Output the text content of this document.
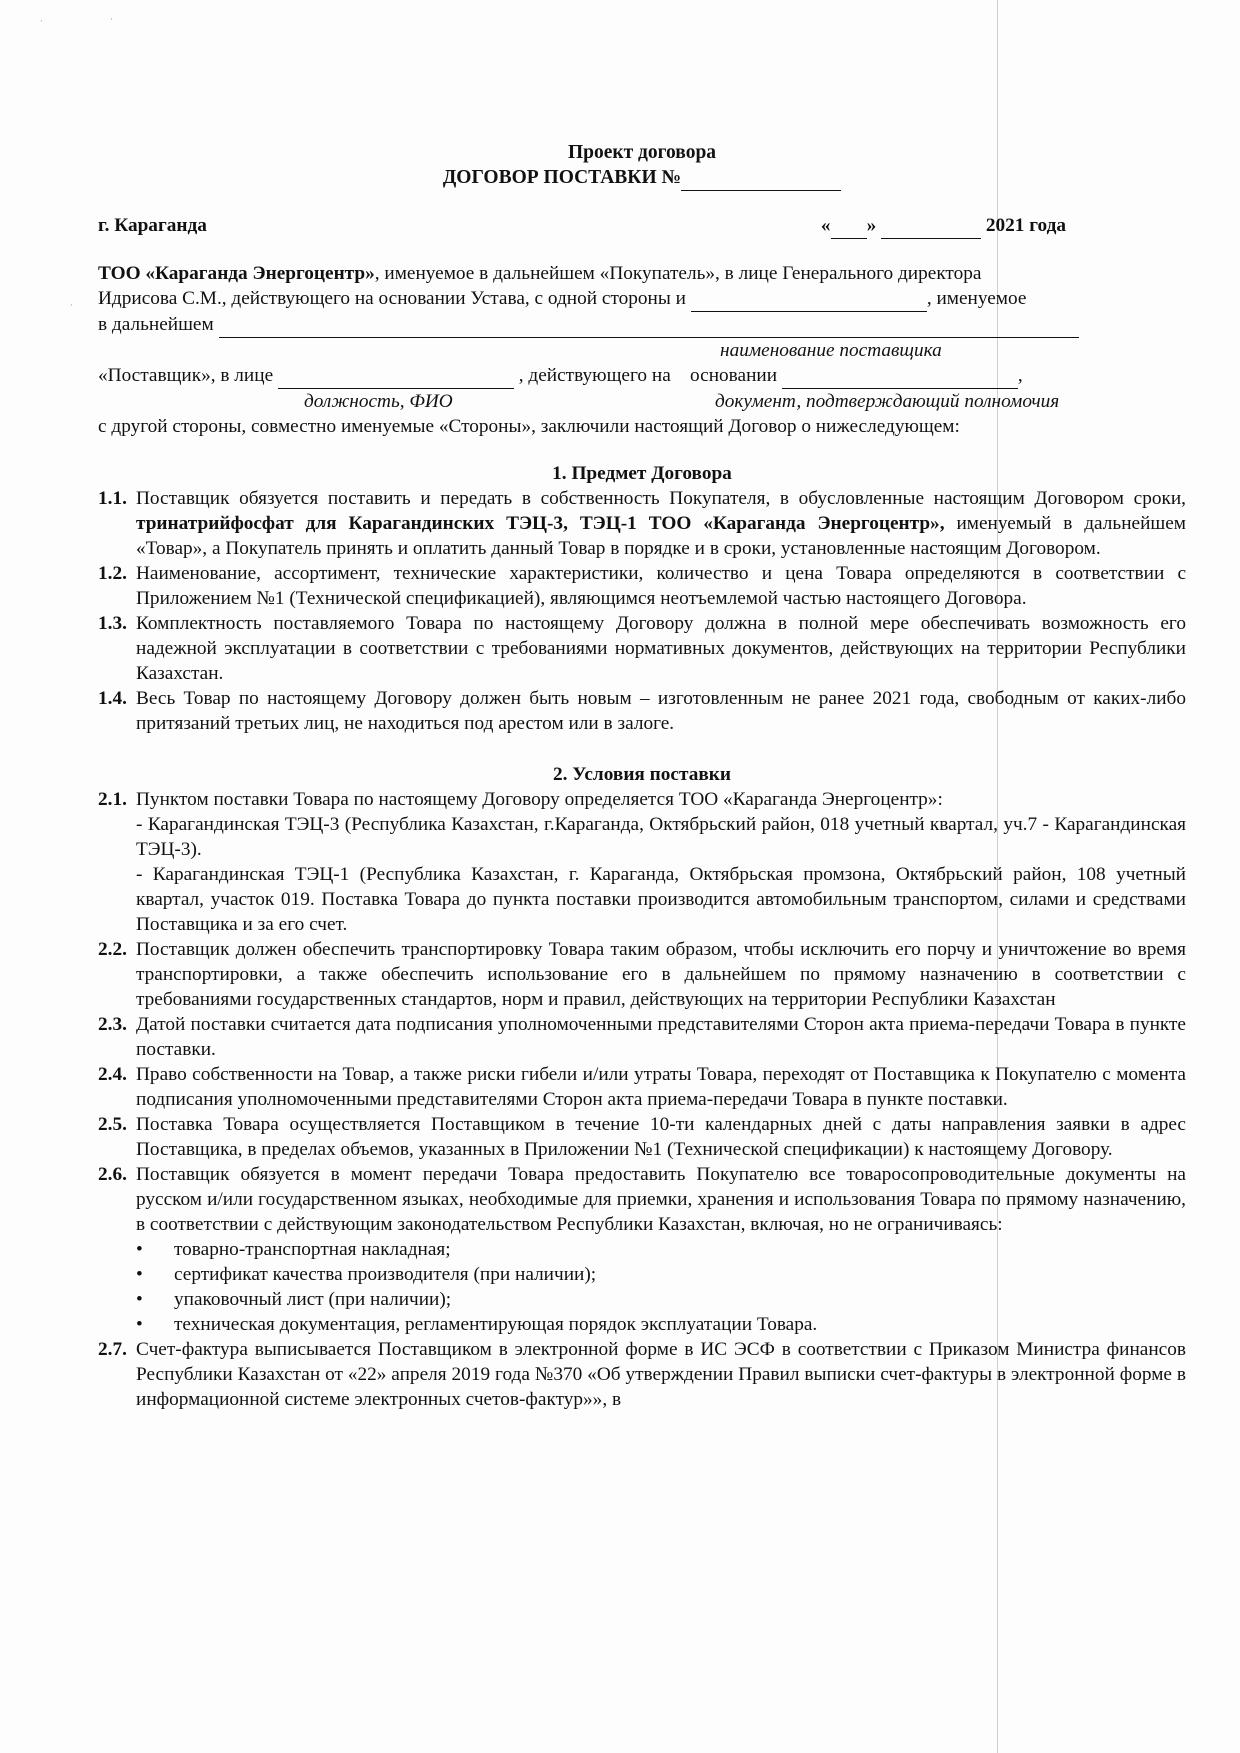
·	·
·
Проект договора
ДОГОВОР ПОСТАВКИ №
г. Караганда	« »	2021 года
ТОО «Караганда Энергоцентр», именуемое в дальнейшем «Покупатель», в лице Генерального директора
Идрисова С.М., действующего на основании Устава, с одной стороны и	, именуемое
в дальнейшем
наименование поставщика
«Поставщик», в лице	, действующего на основании	,
должность, ФИО	документ, подтверждающий полномочия
с другой стороны, совместно именуемые «Стороны», заключили настоящий Договор о нижеследующем:
1. Предмет Договора
1.1. Поставщик обязуется поставить и передать в собственность Покупателя, в обусловленные настоящим Договором сроки, тринатрийфосфат для Карагандинских ТЭЦ-3, ТЭЦ-1 ТОО «Караганда Энергоцентр», именуемый в дальнейшем «Товар», а Покупатель принять и оплатить данный Товар в порядке и в сроки, установленные настоящим Договором.
1.2. Наименование, ассортимент, технические характеристики, количество и цена Товара определяются в соответствии с Приложением №1 (Технической спецификацией), являющимся неотъемлемой частью настоящего Договора.
1.3. Комплектность поставляемого Товара по настоящему Договору должна в полной мере обеспечивать возможность его надежной эксплуатации в соответствии с требованиями нормативных документов, действующих на территории Республики Казахстан.
1.4. Весь Товар по настоящему Договору должен быть новым – изготовленным не ранее 2021 года, свободным от каких-либо притязаний третьих лиц, не находиться под арестом или в залоге.
2. Условия поставки
2.1. Пунктом поставки Товара по настоящему Договору определяется ТОО «Караганда Энергоцентр»:
- Карагандинская ТЭЦ-3 (Республика Казахстан, г.Караганда, Октябрьский район, 018 учетный квартал, уч.7 - Карагандинская ТЭЦ-3).
- Карагандинская ТЭЦ-1 (Республика Казахстан, г. Караганда, Октябрьская промзона, Октябрьский район, 108 учетный квартал, участок 019. Поставка Товара до пункта поставки производится автомобильным транспортом, силами и средствами Поставщика и за его счет.
2.2. Поставщик должен обеспечить транспортировку Товара таким образом, чтобы исключить его порчу и уничтожение во время транспортировки, а также обеспечить использование его в дальнейшем по прямому назначению в соответствии с требованиями государственных стандартов, норм и правил, действующих на территории Республики Казахстан
2.3. Датой поставки считается дата подписания уполномоченными представителями Сторон акта приема-передачи Товара в пункте поставки.
2.4. Право собственности на Товар, а также риски гибели и/или утраты Товара, переходят от Поставщика к Покупателю с момента подписания уполномоченными представителями Сторон акта приема-передачи Товара в пункте поставки.
2.5. Поставка Товара осуществляется Поставщиком в течение 10-ти календарных дней с даты направления заявки в адрес Поставщика, в пределах объемов, указанных в Приложении №1 (Технической спецификации) к настоящему Договору.
2.6. Поставщик обязуется в момент передачи Товара предоставить Покупателю все товаросопроводительные документы на русском и/или государственном языках, необходимые для приемки, хранения и использования Товара по прямому назначению, в соответствии с действующим законодательством Республики Казахстан, включая, но не ограничиваясь:
•	товарно-транспортная накладная;
•	сертификат качества производителя (при наличии);
•	упаковочный лист (при наличии);
•	техническая документация, регламентирующая порядок эксплуатации Товара.
2.7. Счет-фактура выписывается Поставщиком в электронной форме в ИС ЭСФ в соответствии с Приказом Министра финансов Республики Казахстан от «22» апреля 2019 года №370 «Об утверждении Правил выписки счет-фактуры в электронной форме в информационной системе электронных счетов-фактур»», в
